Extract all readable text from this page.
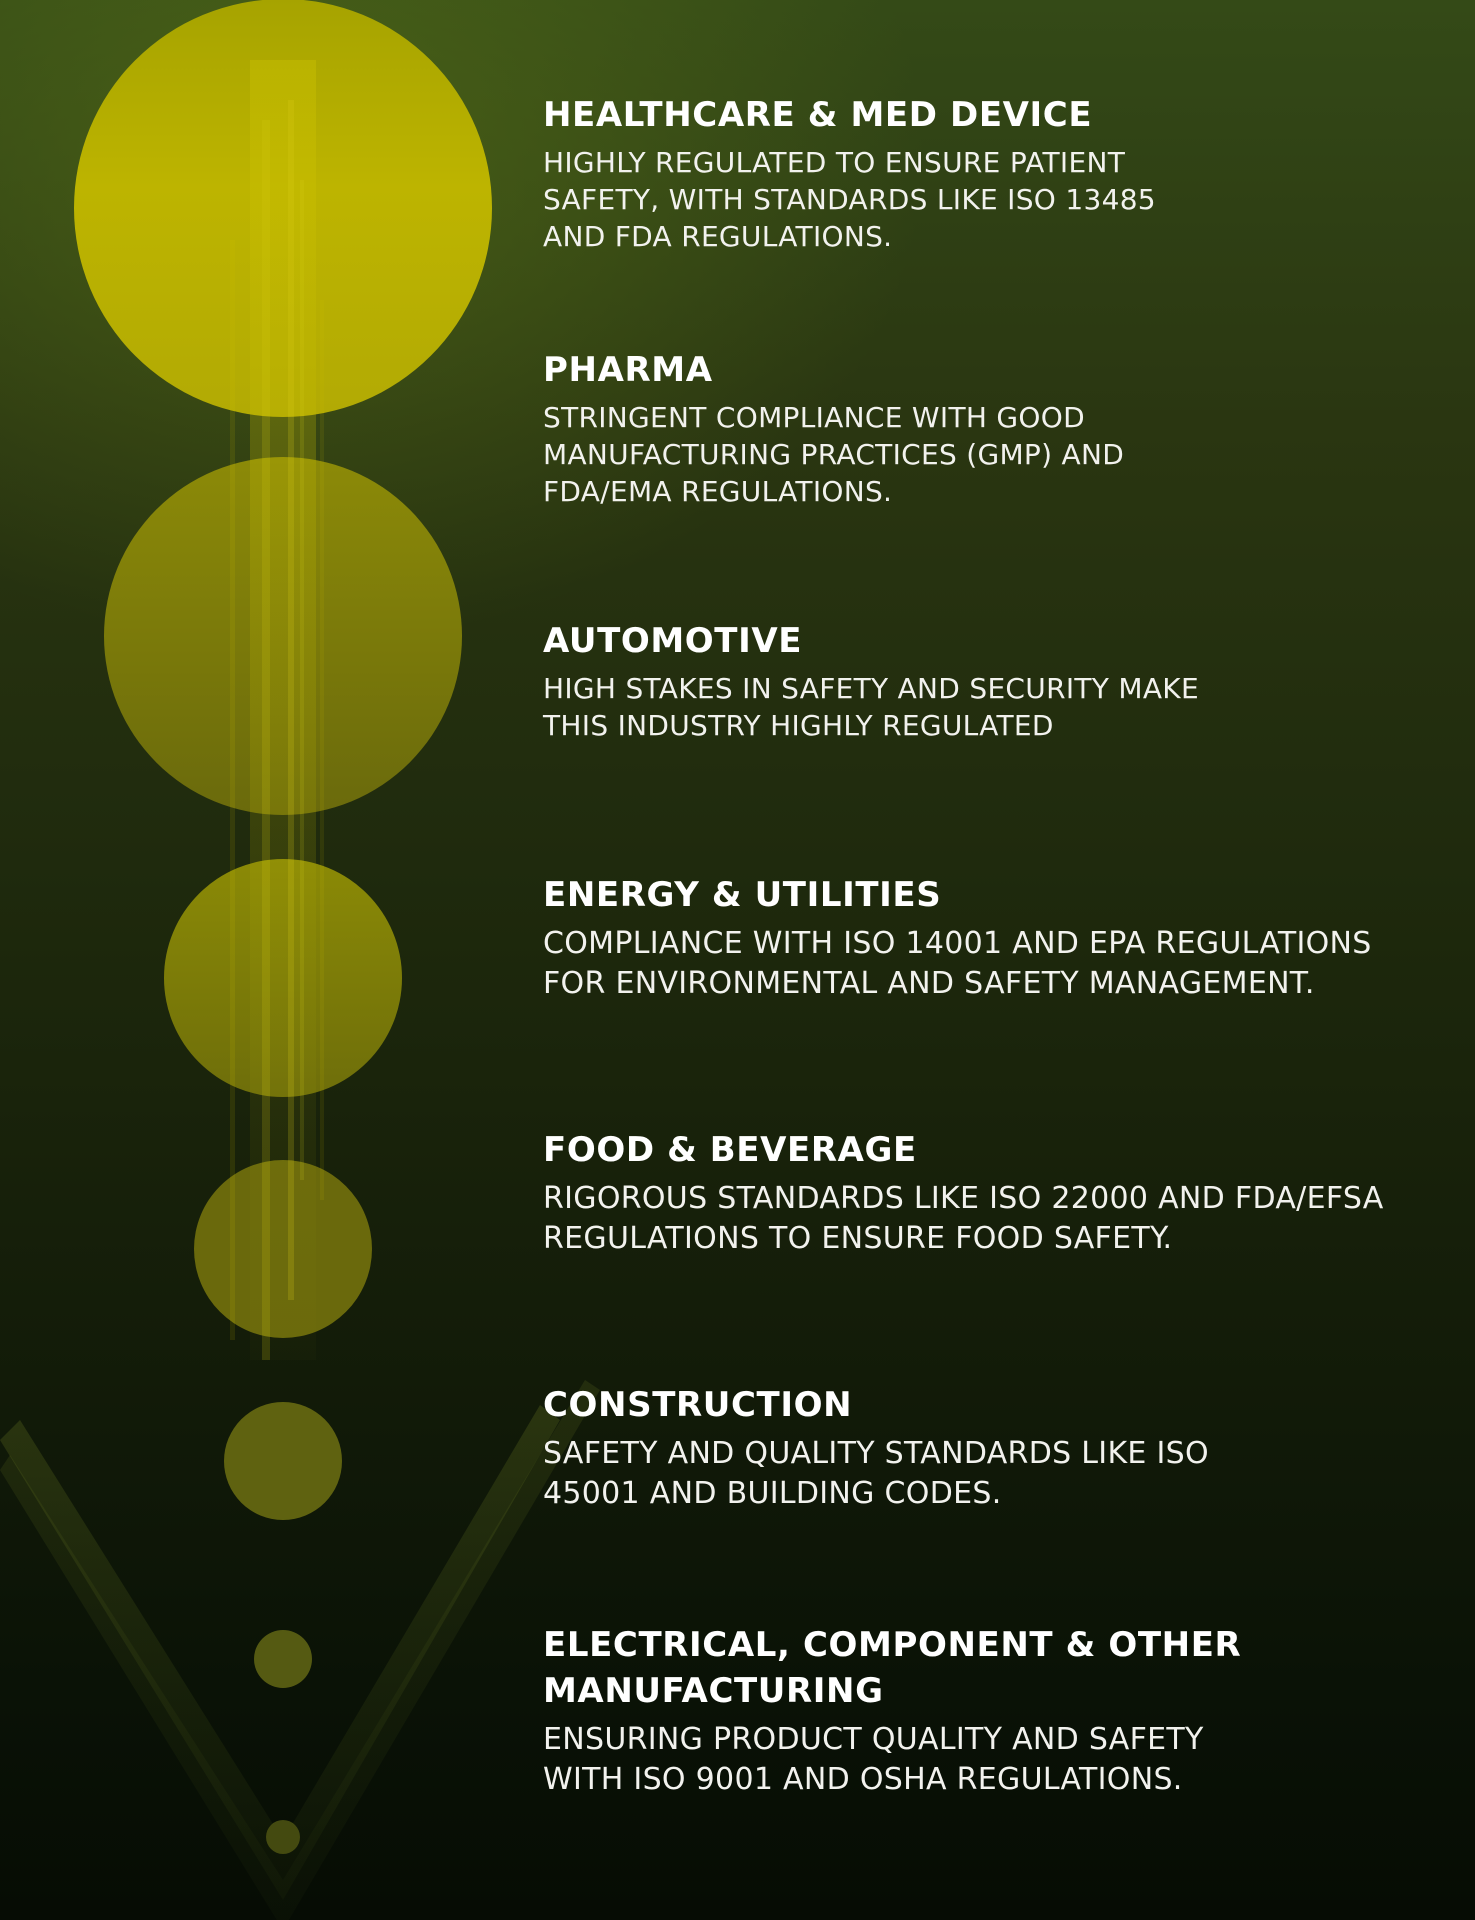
HEALTHCARE & MED DEVICE

HIGHLY REGULATED TO ENSURE PATIENT
SAFETY, WITH STANDARDS LIKE ISO 13485
AND FDA REGULATIONS.

PHARMA

STRINGENT COMPLIANCE WITH GOOD
MANUFACTURING PRACTICES (GMP) AND
FDA/EMA REGULATIONS.

AUTOMOTIVE

HIGH STAKES IN SAFETY AND SECURITY MAKE
THIS INDUSTRY HIGHLY REGULATED

ENERGY & UTILITIES

COMPLIANCE WITH ISO 14001 AND EPA REGULATIONS
FOR ENVIRONMENTAL AND SAFETY MANAGEMENT.

FOOD & BEVERAGE

RIGOROUS STANDARDS LIKE ISO 22000 AND FDA/EFSA
REGULATIONS TO ENSURE FOOD SAFETY.

CONSTRUCTION

SAFETY AND QUALITY STANDARDS LIKE ISO
45001 AND BUILDING CODES.

ELECTRICAL, COMPONENT & OTHER
MANUFACTURING

ENSURING PRODUCT QUALITY AND SAFETY
WITH ISO 9001 AND OSHA REGULATIONS.
